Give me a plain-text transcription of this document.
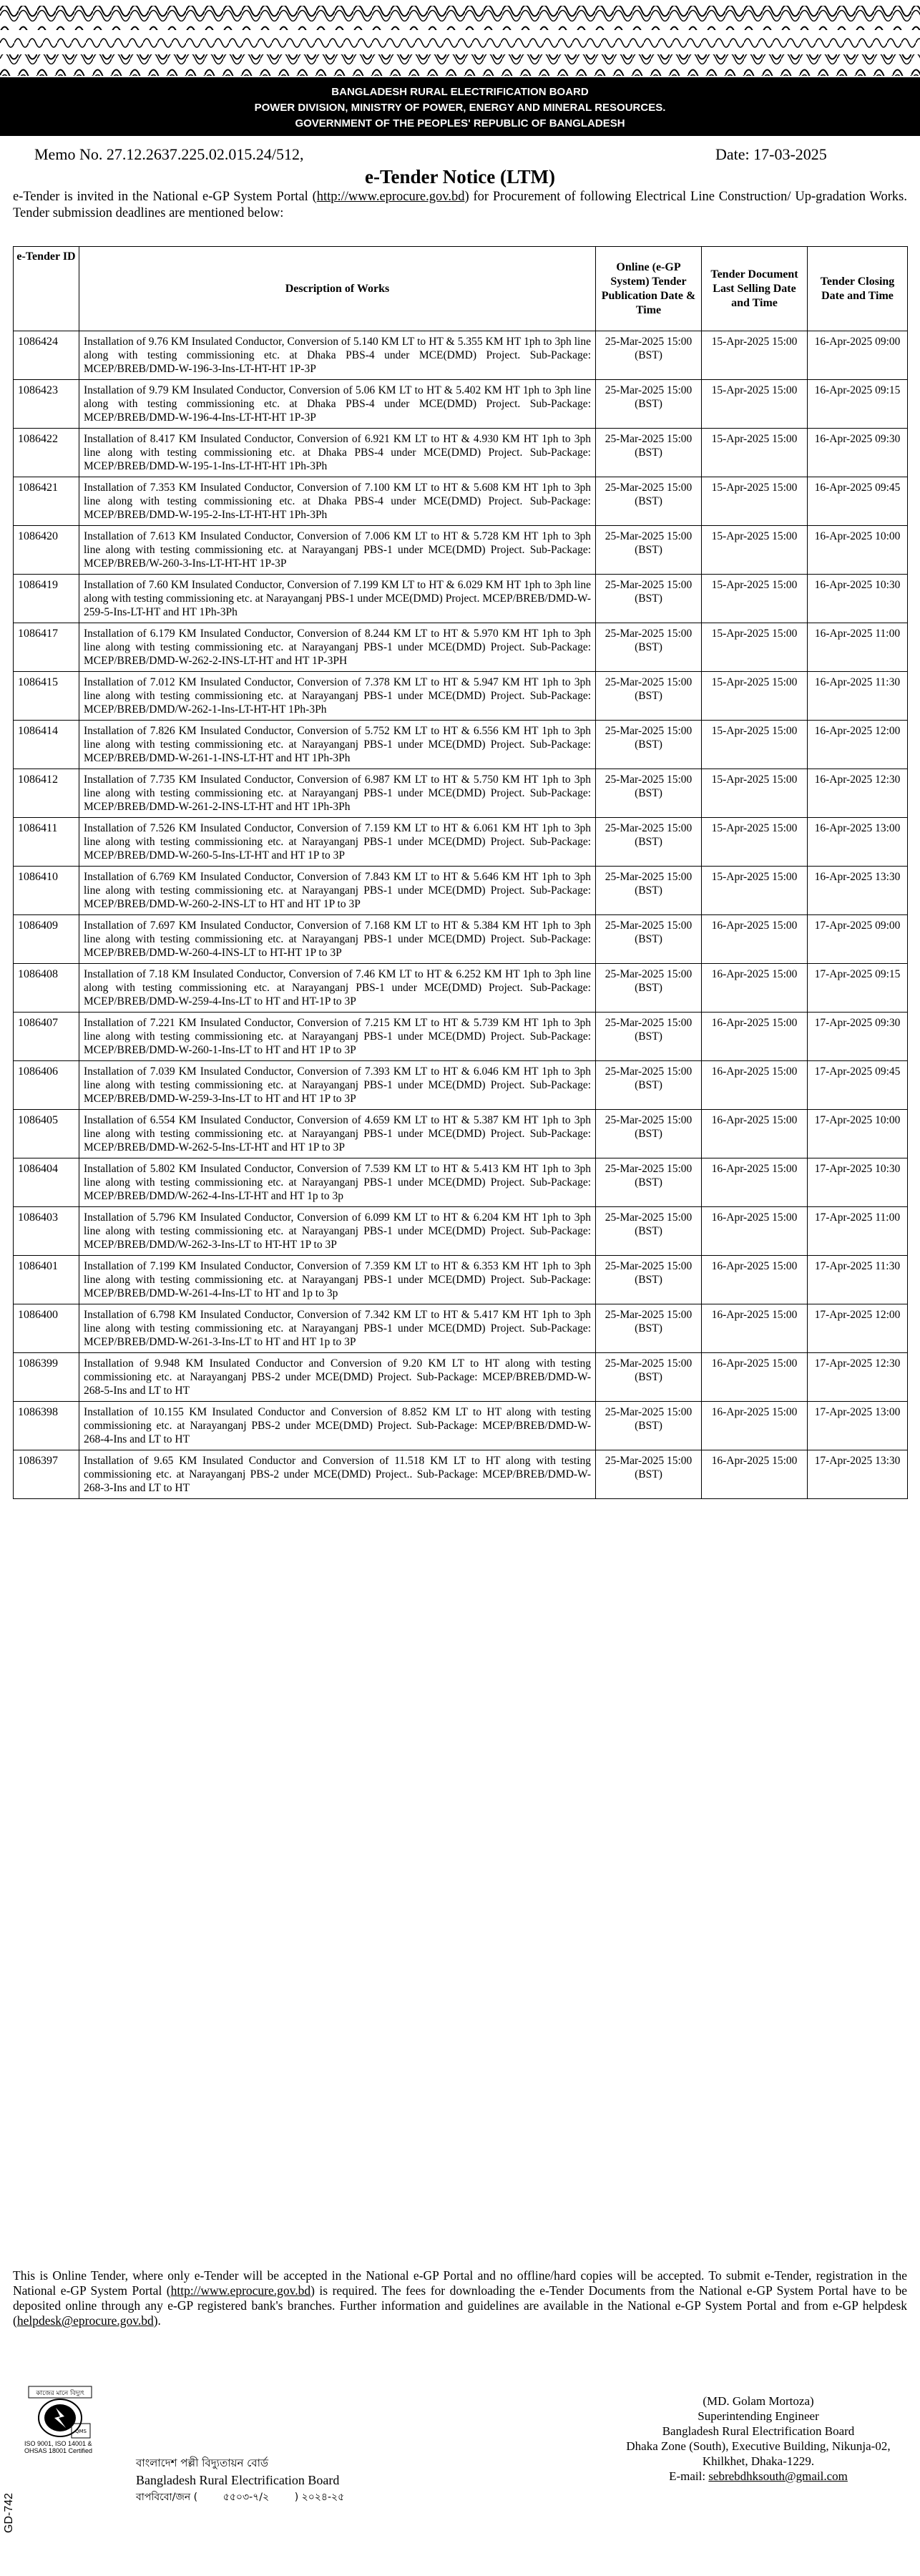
BANGLADESH RURAL ELECTRIFICATION BOARD
POWER DIVISION, MINISTRY OF POWER, ENERGY AND MINERAL RESOURCES.
GOVERNMENT OF THE PEOPLES' REPUBLIC OF BANGLADESH
Memo No. 27.12.2637.225.02.015.24/512,	Date: 17-03-2025
e-Tender Notice (LTM)
e-Tender is invited in the National e-GP System Portal (http://www.eprocure.gov.bd) for Procurement of following Electrical Line Construction/ Up-gradation Works. Tender submission deadlines are mentioned below:
e-Tender ID	Description of Works	Online (e-GP System) Tender Publication Date & Time	Tender Document Last Selling Date and Time	Tender Closing Date and Time
1086424	Installation of 9.76 KM Insulated Conductor, Conversion of 5.140 KM LT to HT & 5.355 KM HT 1ph to 3ph line along with testing commissioning etc. at Dhaka PBS-4 under MCE(DMD) Project. Sub-Package: MCEP/BREB/DMD-W-196-3-Ins-LT-HT-HT 1P-3P	25-Mar-2025 15:00 (BST)	15-Apr-2025 15:00	16-Apr-2025 09:00
1086423	Installation of 9.79 KM Insulated Conductor, Conversion of 5.06 KM LT to HT & 5.402 KM HT 1ph to 3ph line along with testing commissioning etc. at Dhaka PBS-4 under MCE(DMD) Project. Sub-Package: MCEP/BREB/DMD-W-196-4-Ins-LT-HT-HT 1P-3P	25-Mar-2025 15:00 (BST)	15-Apr-2025 15:00	16-Apr-2025 09:15
1086422	Installation of 8.417 KM Insulated Conductor, Conversion of 6.921 KM LT to HT & 4.930 KM HT 1ph to 3ph line along with testing commissioning etc. at Dhaka PBS-4 under MCE(DMD) Project. Sub-Package: MCEP/BREB/DMD-W-195-1-Ins-LT-HT-HT 1Ph-3Ph	25-Mar-2025 15:00 (BST)	15-Apr-2025 15:00	16-Apr-2025 09:30
1086421	Installation of 7.353 KM Insulated Conductor, Conversion of 7.100 KM LT to HT & 5.608 KM HT 1ph to 3ph line along with testing commissioning etc. at Dhaka PBS-4 under MCE(DMD) Project. Sub-Package: MCEP/BREB/DMD-W-195-2-Ins-LT-HT-HT 1Ph-3Ph	25-Mar-2025 15:00 (BST)	15-Apr-2025 15:00	16-Apr-2025 09:45
1086420	Installation of 7.613 KM Insulated Conductor, Conversion of 7.006 KM LT to HT & 5.728 KM HT 1ph to 3ph line along with testing commissioning etc. at Narayanganj PBS-1 under MCE(DMD) Project. Sub-Package: MCEP/BREB/W-260-3-Ins-LT-HT-HT 1P-3P	25-Mar-2025 15:00 (BST)	15-Apr-2025 15:00	16-Apr-2025 10:00
1086419	Installation of 7.60 KM Insulated Conductor, Conversion of 7.199 KM LT to HT & 6.029 KM HT 1ph to 3ph line along with testing commissioning etc. at Narayanganj PBS-1 under MCE(DMD) Project. MCEP/BREB/DMD-W-259-5-Ins-LT-HT and HT 1Ph-3Ph	25-Mar-2025 15:00 (BST)	15-Apr-2025 15:00	16-Apr-2025 10:30
1086417	Installation of 6.179 KM Insulated Conductor, Conversion of 8.244 KM LT to HT & 5.970 KM HT 1ph to 3ph line along with testing commissioning etc. at Narayanganj PBS-1 under MCE(DMD) Project. Sub-Package: MCEP/BREB/DMD-W-262-2-INS-LT-HT and HT 1P-3PH	25-Mar-2025 15:00 (BST)	15-Apr-2025 15:00	16-Apr-2025 11:00
1086415	Installation of 7.012 KM Insulated Conductor, Conversion of 7.378 KM LT to HT & 5.947 KM HT 1ph to 3ph line along with testing commissioning etc. at Narayanganj PBS-1 under MCE(DMD) Project. Sub-Package: MCEP/BREB/DMD/W-262-1-Ins-LT-HT-HT 1Ph-3Ph	25-Mar-2025 15:00 (BST)	15-Apr-2025 15:00	16-Apr-2025 11:30
1086414	Installation of 7.826 KM Insulated Conductor, Conversion of 5.752 KM LT to HT & 6.556 KM HT 1ph to 3ph line along with testing commissioning etc. at Narayanganj PBS-1 under MCE(DMD) Project. Sub-Package: MCEP/BREB/DMD-W-261-1-INS-LT-HT and HT 1Ph-3Ph	25-Mar-2025 15:00 (BST)	15-Apr-2025 15:00	16-Apr-2025 12:00
1086412	Installation of 7.735 KM Insulated Conductor, Conversion of 6.987 KM LT to HT & 5.750 KM HT 1ph to 3ph line along with testing commissioning etc. at Narayanganj PBS-1 under MCE(DMD) Project. Sub-Package: MCEP/BREB/DMD-W-261-2-INS-LT-HT and HT 1Ph-3Ph	25-Mar-2025 15:00 (BST)	15-Apr-2025 15:00	16-Apr-2025 12:30
1086411	Installation of 7.526 KM Insulated Conductor, Conversion of 7.159 KM LT to HT & 6.061 KM HT 1ph to 3ph line along with testing commissioning etc. at Narayanganj PBS-1 under MCE(DMD) Project. Sub-Package: MCEP/BREB/DMD-W-260-5-Ins-LT-HT and HT 1P to 3P	25-Mar-2025 15:00 (BST)	15-Apr-2025 15:00	16-Apr-2025 13:00
1086410	Installation of 6.769 KM Insulated Conductor, Conversion of 7.843 KM LT to HT & 5.646 KM HT 1ph to 3ph line along with testing commissioning etc. at Narayanganj PBS-1 under MCE(DMD) Project. Sub-Package: MCEP/BREB/DMD-W-260-2-INS-LT to HT and HT 1P to 3P	25-Mar-2025 15:00 (BST)	15-Apr-2025 15:00	16-Apr-2025 13:30
1086409	Installation of 7.697 KM Insulated Conductor, Conversion of 7.168 KM LT to HT & 5.384 KM HT 1ph to 3ph line along with testing commissioning etc. at Narayanganj PBS-1 under MCE(DMD) Project. Sub-Package: MCEP/BREB/DMD-W-260-4-INS-LT to HT-HT 1P to 3P	25-Mar-2025 15:00 (BST)	16-Apr-2025 15:00	17-Apr-2025 09:00
1086408	Installation of 7.18 KM Insulated Conductor, Conversion of 7.46 KM LT to HT & 6.252 KM HT 1ph to 3ph line along with testing commissioning etc. at Narayanganj PBS-1 under MCE(DMD) Project. Sub-Package: MCEP/BREB/DMD-W-259-4-Ins-LT to HT and HT-1P to 3P	25-Mar-2025 15:00 (BST)	16-Apr-2025 15:00	17-Apr-2025 09:15
1086407	Installation of 7.221 KM Insulated Conductor, Conversion of 7.215 KM LT to HT & 5.739 KM HT 1ph to 3ph line along with testing commissioning etc. at Narayanganj PBS-1 under MCE(DMD) Project. Sub-Package: MCEP/BREB/DMD-W-260-1-Ins-LT to HT and HT 1P to 3P	25-Mar-2025 15:00 (BST)	16-Apr-2025 15:00	17-Apr-2025 09:30
1086406	Installation of 7.039 KM Insulated Conductor, Conversion of 7.393 KM LT to HT & 6.046 KM HT 1ph to 3ph line along with testing commissioning etc. at Narayanganj PBS-1 under MCE(DMD) Project. Sub-Package: MCEP/BREB/DMD-W-259-3-Ins-LT to HT and HT 1P to 3P	25-Mar-2025 15:00 (BST)	16-Apr-2025 15:00	17-Apr-2025 09:45
1086405	Installation of 6.554 KM Insulated Conductor, Conversion of 4.659 KM LT to HT & 5.387 KM HT 1ph to 3ph line along with testing commissioning etc. at Narayanganj PBS-1 under MCE(DMD) Project. Sub-Package: MCEP/BREB/DMD-W-262-5-Ins-LT-HT and HT 1P to 3P	25-Mar-2025 15:00 (BST)	16-Apr-2025 15:00	17-Apr-2025 10:00
1086404	Installation of 5.802 KM Insulated Conductor, Conversion of 7.539 KM LT to HT & 5.413 KM HT 1ph to 3ph line along with testing commissioning etc. at Narayanganj PBS-1 under MCE(DMD) Project. Sub-Package: MCEP/BREB/DMD/W-262-4-Ins-LT-HT and HT 1p to 3p	25-Mar-2025 15:00 (BST)	16-Apr-2025 15:00	17-Apr-2025 10:30
1086403	Installation of 5.796 KM Insulated Conductor, Conversion of 6.099 KM LT to HT & 6.204 KM HT 1ph to 3ph line along with testing commissioning etc. at Narayanganj PBS-1 under MCE(DMD) Project. Sub-Package: MCEP/BREB/DMD/W-262-3-Ins-LT to HT-HT 1P to 3P	25-Mar-2025 15:00 (BST)	16-Apr-2025 15:00	17-Apr-2025 11:00
1086401	Installation of 7.199 KM Insulated Conductor, Conversion of 7.359 KM LT to HT & 6.353 KM HT 1ph to 3ph line along with testing commissioning etc. at Narayanganj PBS-1 under MCE(DMD) Project. Sub-Package: MCEP/BREB/DMD-W-261-4-Ins-LT to HT and 1p to 3p	25-Mar-2025 15:00 (BST)	16-Apr-2025 15:00	17-Apr-2025 11:30
1086400	Installation of 6.798 KM Insulated Conductor, Conversion of 7.342 KM LT to HT & 5.417 KM HT 1ph to 3ph line along with testing commissioning etc. at Narayanganj PBS-1 under MCE(DMD) Project. Sub-Package: MCEP/BREB/DMD-W-261-3-Ins-LT to HT and HT 1p to 3P	25-Mar-2025 15:00 (BST)	16-Apr-2025 15:00	17-Apr-2025 12:00
1086399	Installation of 9.948 KM Insulated Conductor and Conversion of 9.20 KM LT to HT along with testing commissioning etc. at Narayanganj PBS-2 under MCE(DMD) Project. Sub-Package: MCEP/BREB/DMD-W-268-5-Ins and LT to HT	25-Mar-2025 15:00 (BST)	16-Apr-2025 15:00	17-Apr-2025 12:30
1086398	Installation of 10.155 KM Insulated Conductor and Conversion of 8.852 KM LT to HT along with testing commissioning etc. at Narayanganj PBS-2 under MCE(DMD) Project. Sub-Package: MCEP/BREB/DMD-W-268-4-Ins and LT to HT	25-Mar-2025 15:00 (BST)	16-Apr-2025 15:00	17-Apr-2025 13:00
1086397	Installation of 9.65 KM Insulated Conductor and Conversion of 11.518 KM LT to HT along with testing commissioning etc. at Narayanganj PBS-2 under MCE(DMD) Project.. Sub-Package: MCEP/BREB/DMD-W-268-3-Ins and LT to HT	25-Mar-2025 15:00 (BST)	16-Apr-2025 15:00	17-Apr-2025 13:30
This is Online Tender, where only e-Tender will be accepted in the National e-GP Portal and no offline/hard copies will be accepted. To submit e-Tender, registration in the National e-GP System Portal (http://www.eprocure.gov.bd) is required. The fees for downloading the e-Tender Documents from the National e-GP System Portal have to be deposited online through any e-GP registered bank's branches. Further information and guidelines are available in the National e-GP System Portal and from e-GP helpdesk (helpdesk@eprocure.gov.bd).
কাজের মানে বিদ্যুৎ
QMS
ISO 9001, ISO 14001 & OHSAS 18001 Certified
GD-742
বাংলাদেশ পল্লী বিদ্যুতায়ন বোর্ড
Bangladesh Rural Electrification Board
বাপবিবো/জন (        ৫৫০৩-৭/২        ) ২০২৪-২৫
(MD. Golam Mortoza)
Superintending Engineer
Bangladesh Rural Electrification Board
Dhaka Zone (South), Executive Building, Nikunja-02,
Khilkhet, Dhaka-1229.
E-mail: sebrebdhksouth@gmail.com
